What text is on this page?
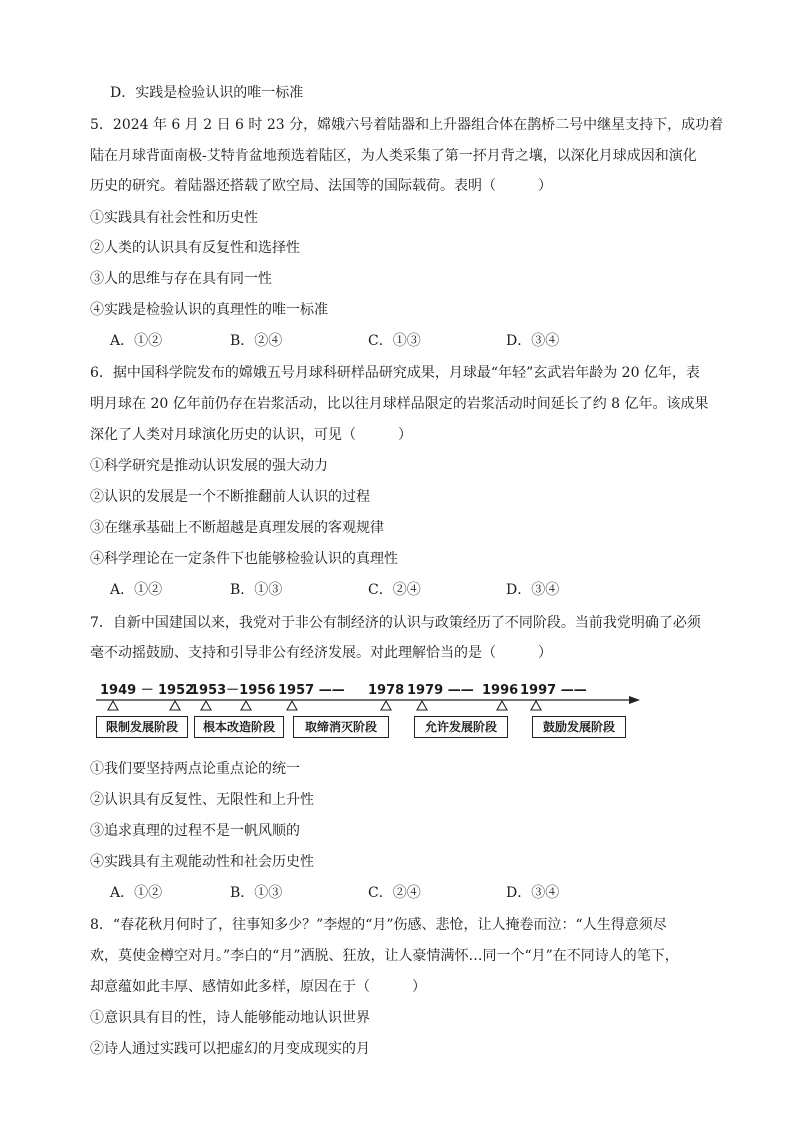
D．实践是检验认识的唯一标准
5．2024 年 6 月 2 日 6 时 23 分，嫦娥六号着陆器和上升器组合体在鹊桥二号中继星支持下，成功着
陆在月球背面南极-艾特肯盆地预选着陆区，为人类采集了第一抔月背之壤，以深化月球成因和演化
历史的研究。着陆器还搭载了欧空局、法国等的国际载荷。表明（　　　）
①实践具有社会性和历史性
②人类的认识具有反复性和选择性
③人的思维与存在具有同一性
④实践是检验认识的真理性的唯一标准
A．①②	B．②④	C．①③	D．③④
6．据中国科学院发布的嫦娥五号月球科研样品研究成果，月球最“年轻”玄武岩年龄为 20 亿年，表
明月球在 20 亿年前仍存在岩浆活动，比以往月球样品限定的岩浆活动时间延长了约 8 亿年。该成果
深化了人类对月球演化历史的认识，可见（　　　）
①科学研究是推动认识发展的强大动力
②认识的发展是一个不断推翻前人认识的过程
③在继承基础上不断超越是真理发展的客观规律
④科学理论在一定条件下也能够检验认识的真理性
A．①②	B．①③	C．②④	D．③④
7．自新中国建国以来，我党对于非公有制经济的认识与政策经历了不同阶段。当前我党明确了必须
毫不动摇鼓励、支持和引导非公有经济发展。对此理解恰当的是（　　　）
1949 － 1952
1953－1956 1957 —— 1978 1979 —— 1996 1997 ——
限制发展阶段	根本改造阶段	取缔消灭阶段	允许发展阶段	鼓励发展阶段
①我们要坚持两点论重点论的统一
②认识具有反复性、无限性和上升性
③追求真理的过程不是一帆风顺的
④实践具有主观能动性和社会历史性
A．①②	B．①③	C．②④	D．③④
8．“春花秋月何时了，往事知多少？”李煜的“月”伤感、悲怆，让人掩卷而泣：“人生得意须尽
欢，莫使金樽空对月。”李白的“月”洒脱、狂放，让人豪情满怀…同一个“月”在不同诗人的笔下，
却意蕴如此丰厚、感情如此多样，原因在于（　　　）
①意识具有目的性，诗人能够能动地认识世界
②诗人通过实践可以把虚幻的月变成现实的月
